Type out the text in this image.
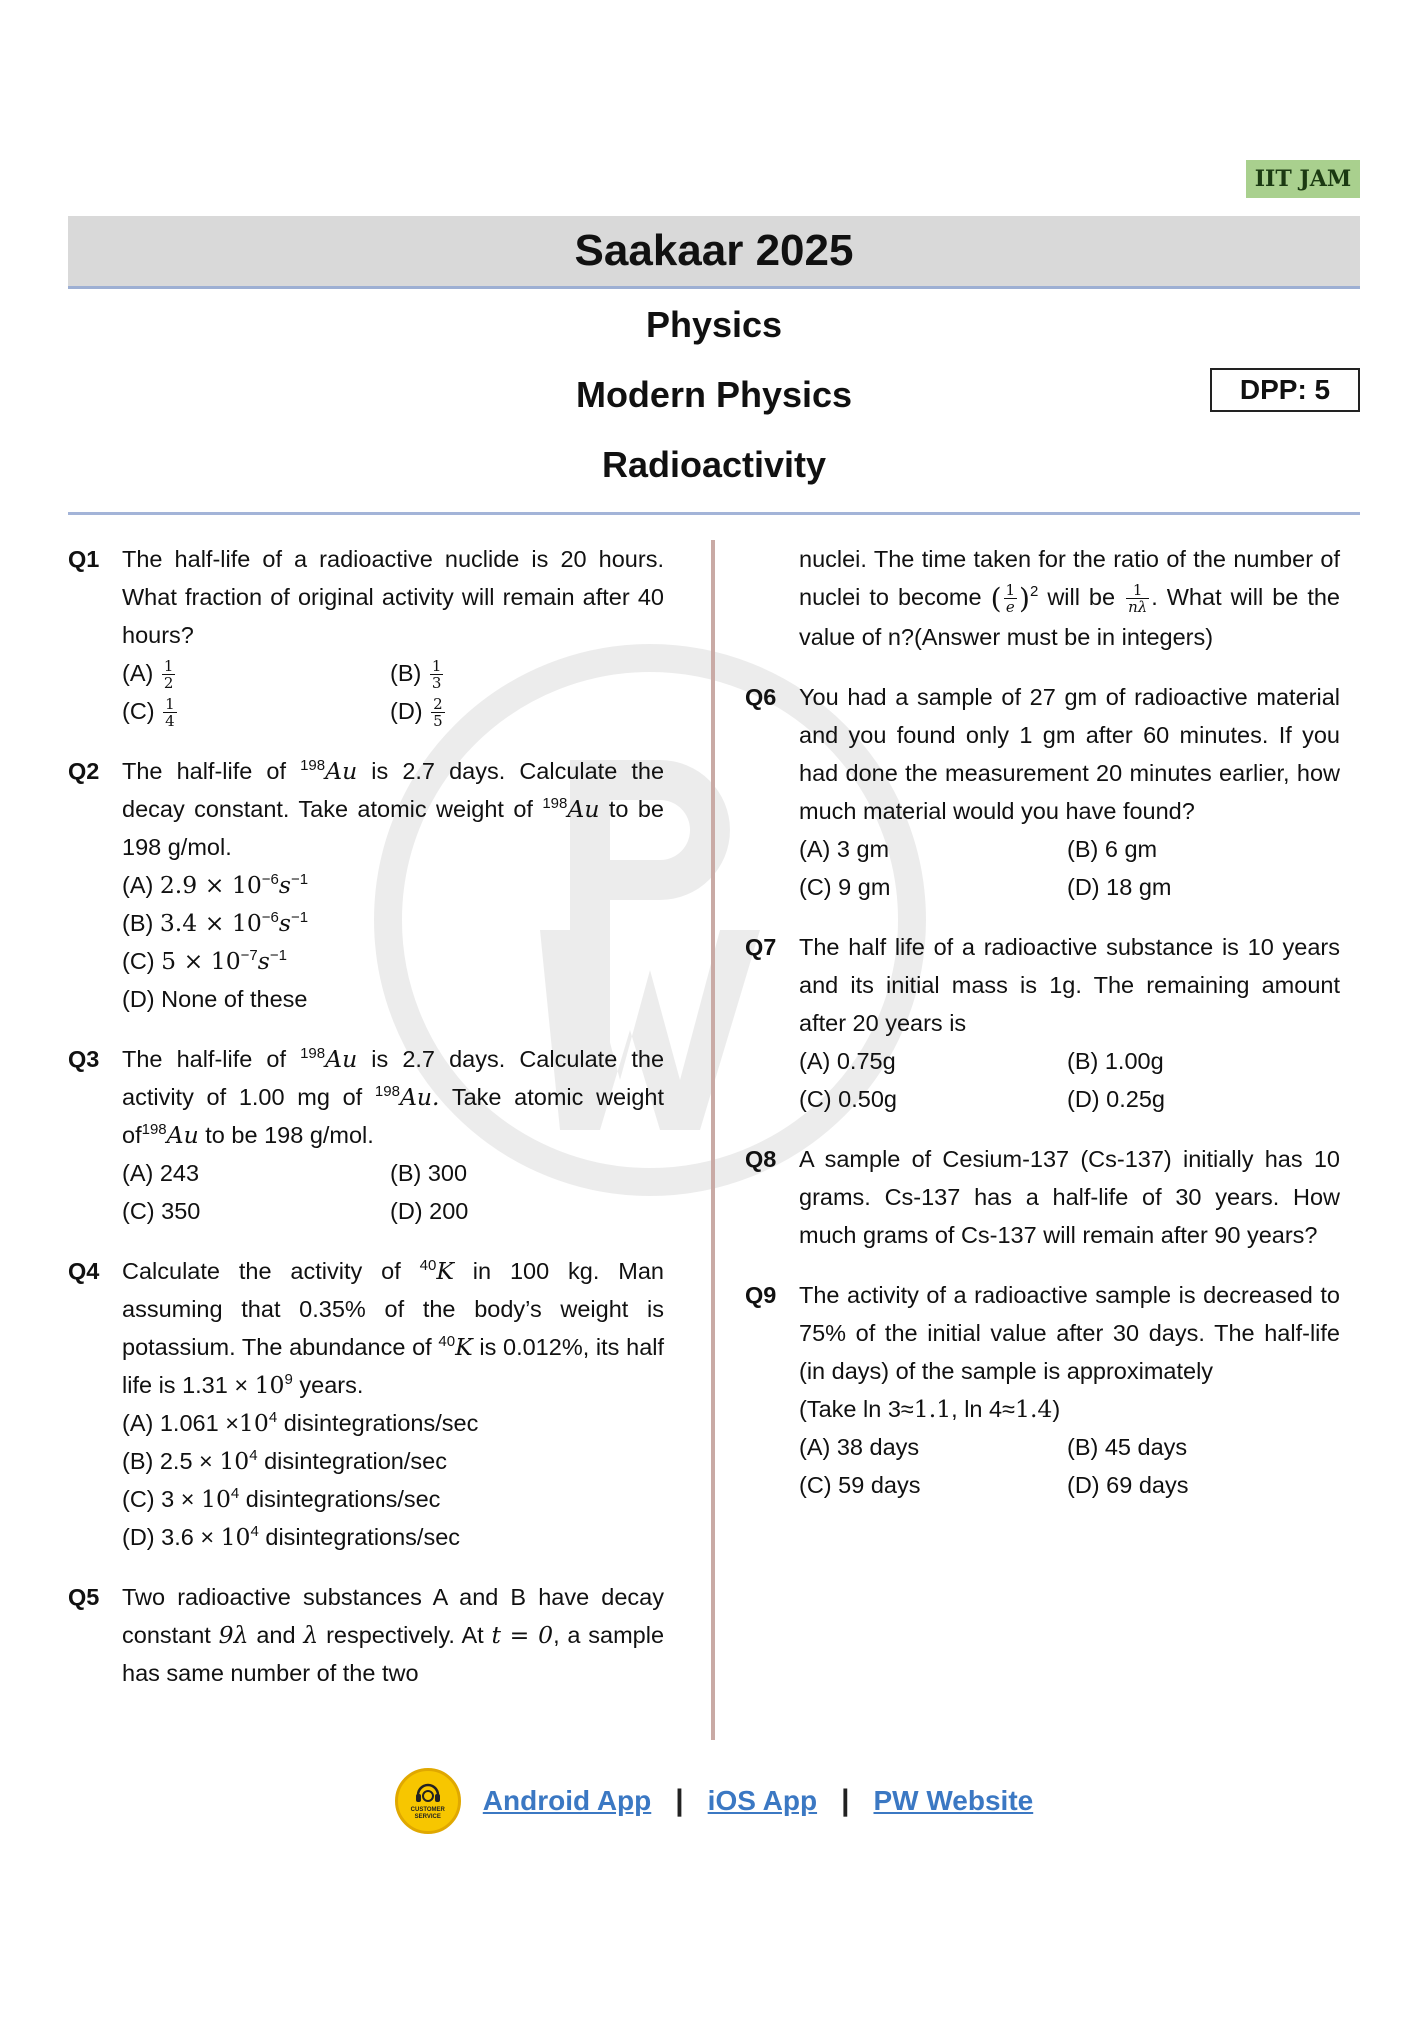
IIT JAM
Saakaar 2025
Physics
Modern Physics	DPP: 5
Radioactivity
Q1 The half-life of a radioactive nuclide is 20 hours. What fraction of original activity will remain after 40 hours?
$(A) \frac{1}{2}$	$(B) \frac{1}{3}$
$(C) \frac{1}{4}$	$(D) \frac{2}{5}$
Q2 The half-life of $^{198}$Au is 2.7 days. Calculate the decay constant. Take atomic weight of $^{198}$Au to be 198 g/mol.
(A) $2.9 \times 10^{-6}s^{-1}$
(B) $3.4 \times 10^{-6}s^{-1}$
(C) $5 \times 10^{-7}s^{-1}$
(D) None of these
Q3 The half-life of $^{198}$Au is 2.7 days. Calculate the activity of 1.00 mg of $^{198}$Au. Take atomic weight $of^{198}Au$ to be 198 g/mol.
(A) 243	(B) 300
(C) 350	(D) 200
Q4 Calculate the activity of $^{40}$K in 100 kg. Man assuming that 0.35% of the body’s weight is potassium. The abundance of $^{40}$K is 0.012%, its half life is $1.31 \times 10^9$ years.
(A) $1.061 \times 10^4$ disintegrations/sec
(B) $2.5 \times 10^4$ disintegration/sec
(C) $3 \times 10^4$ disintegrations/sec
(D) $3.6 \times 10^4$ disintegrations/sec
Q5 Two radioactive substances A and B have decay constant 9λ and λ respectively. At t = 0, a sample has same number of the two
nuclei. The time taken for the ratio of the number of nuclei to become ( $\frac{1}{e} )^2$ will be $\frac{1}{n\lambda}$ . What will be the value of n?(Answer must be in integers)
Q6 You had a sample of 27 gm of radioactive material and you found only 1 gm after 60 minutes. If you had done the measurement 20 minutes earlier, how much material would you have found?
(A) 3 gm	(B) 6 gm
(C) 9 gm	(D) 18 gm
Q7 The half life of a radioactive substance is 10 years and its initial mass is 1g. The remaining amount after 20 years is
(A) 0.75g	(B) 1.00g
(C) 0.50g	(D) 0.25g
Q8 A sample of Cesium-137 (Cs-137) initially has 10 grams. Cs-137 has a half-life of 30 years. How much grams of Cs-137 will remain after 90 years?
Q9 The activity of a radioactive sample is decreased to 75% of the initial value after 30 days. The half-life (in days) of the sample is approximately
(Take ln 3≈1.1, ln 4≈1.4)
(A) 38 days	(B) 45 days
(C) 59 days	(D) 69 days
CUSTOMER SERVICE
Android App | iOS App | PW Website
